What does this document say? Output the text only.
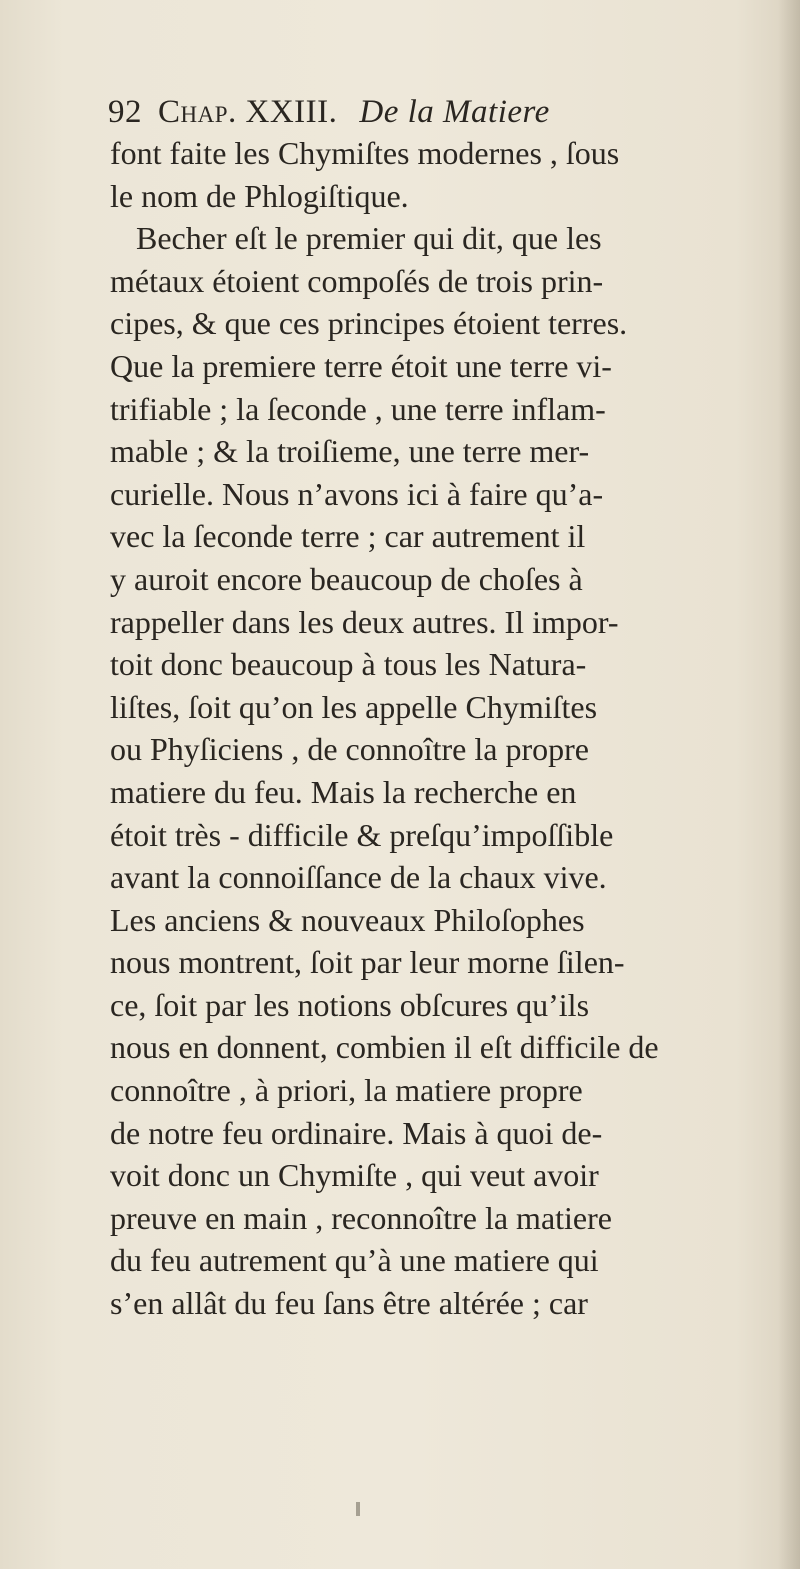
92 Chap. XXIII. De la Matiere
font faite les Chymiſtes modernes , ſous
le nom de Phlogiſtique.
Becher eſt le premier qui dit, que les
métaux étoient compoſés de trois prin-
cipes, & que ces principes étoient terres.
Que la premiere terre étoit une terre vi-
trifiable ; la ſeconde , une terre inflam-
mable ; & la troiſieme, une terre mer-
curielle. Nous n’avons ici à faire qu’a-
vec la ſeconde terre ; car autrement il
y auroit encore beaucoup de choſes à
rappeller dans les deux autres. Il impor-
toit donc beaucoup à tous les Natura-
liſtes, ſoit qu’on les appelle Chymiſtes
ou Phyſiciens , de connoître la propre
matiere du feu. Mais la recherche en
étoit très - difficile & preſqu’impoſſible
avant la connoiſſance de la chaux vive.
Les anciens & nouveaux Philoſophes
nous montrent, ſoit par leur morne ſilen-
ce, ſoit par les notions obſcures qu’ils
nous en donnent, combien il eſt difficile de
connoître , à priori, la matiere propre
de notre feu ordinaire. Mais à quoi de-
voit donc un Chymiſte , qui veut avoir
preuve en main , reconnoître la matiere
du feu autrement qu’à une matiere qui
s’en allât du feu ſans être altérée ; car
